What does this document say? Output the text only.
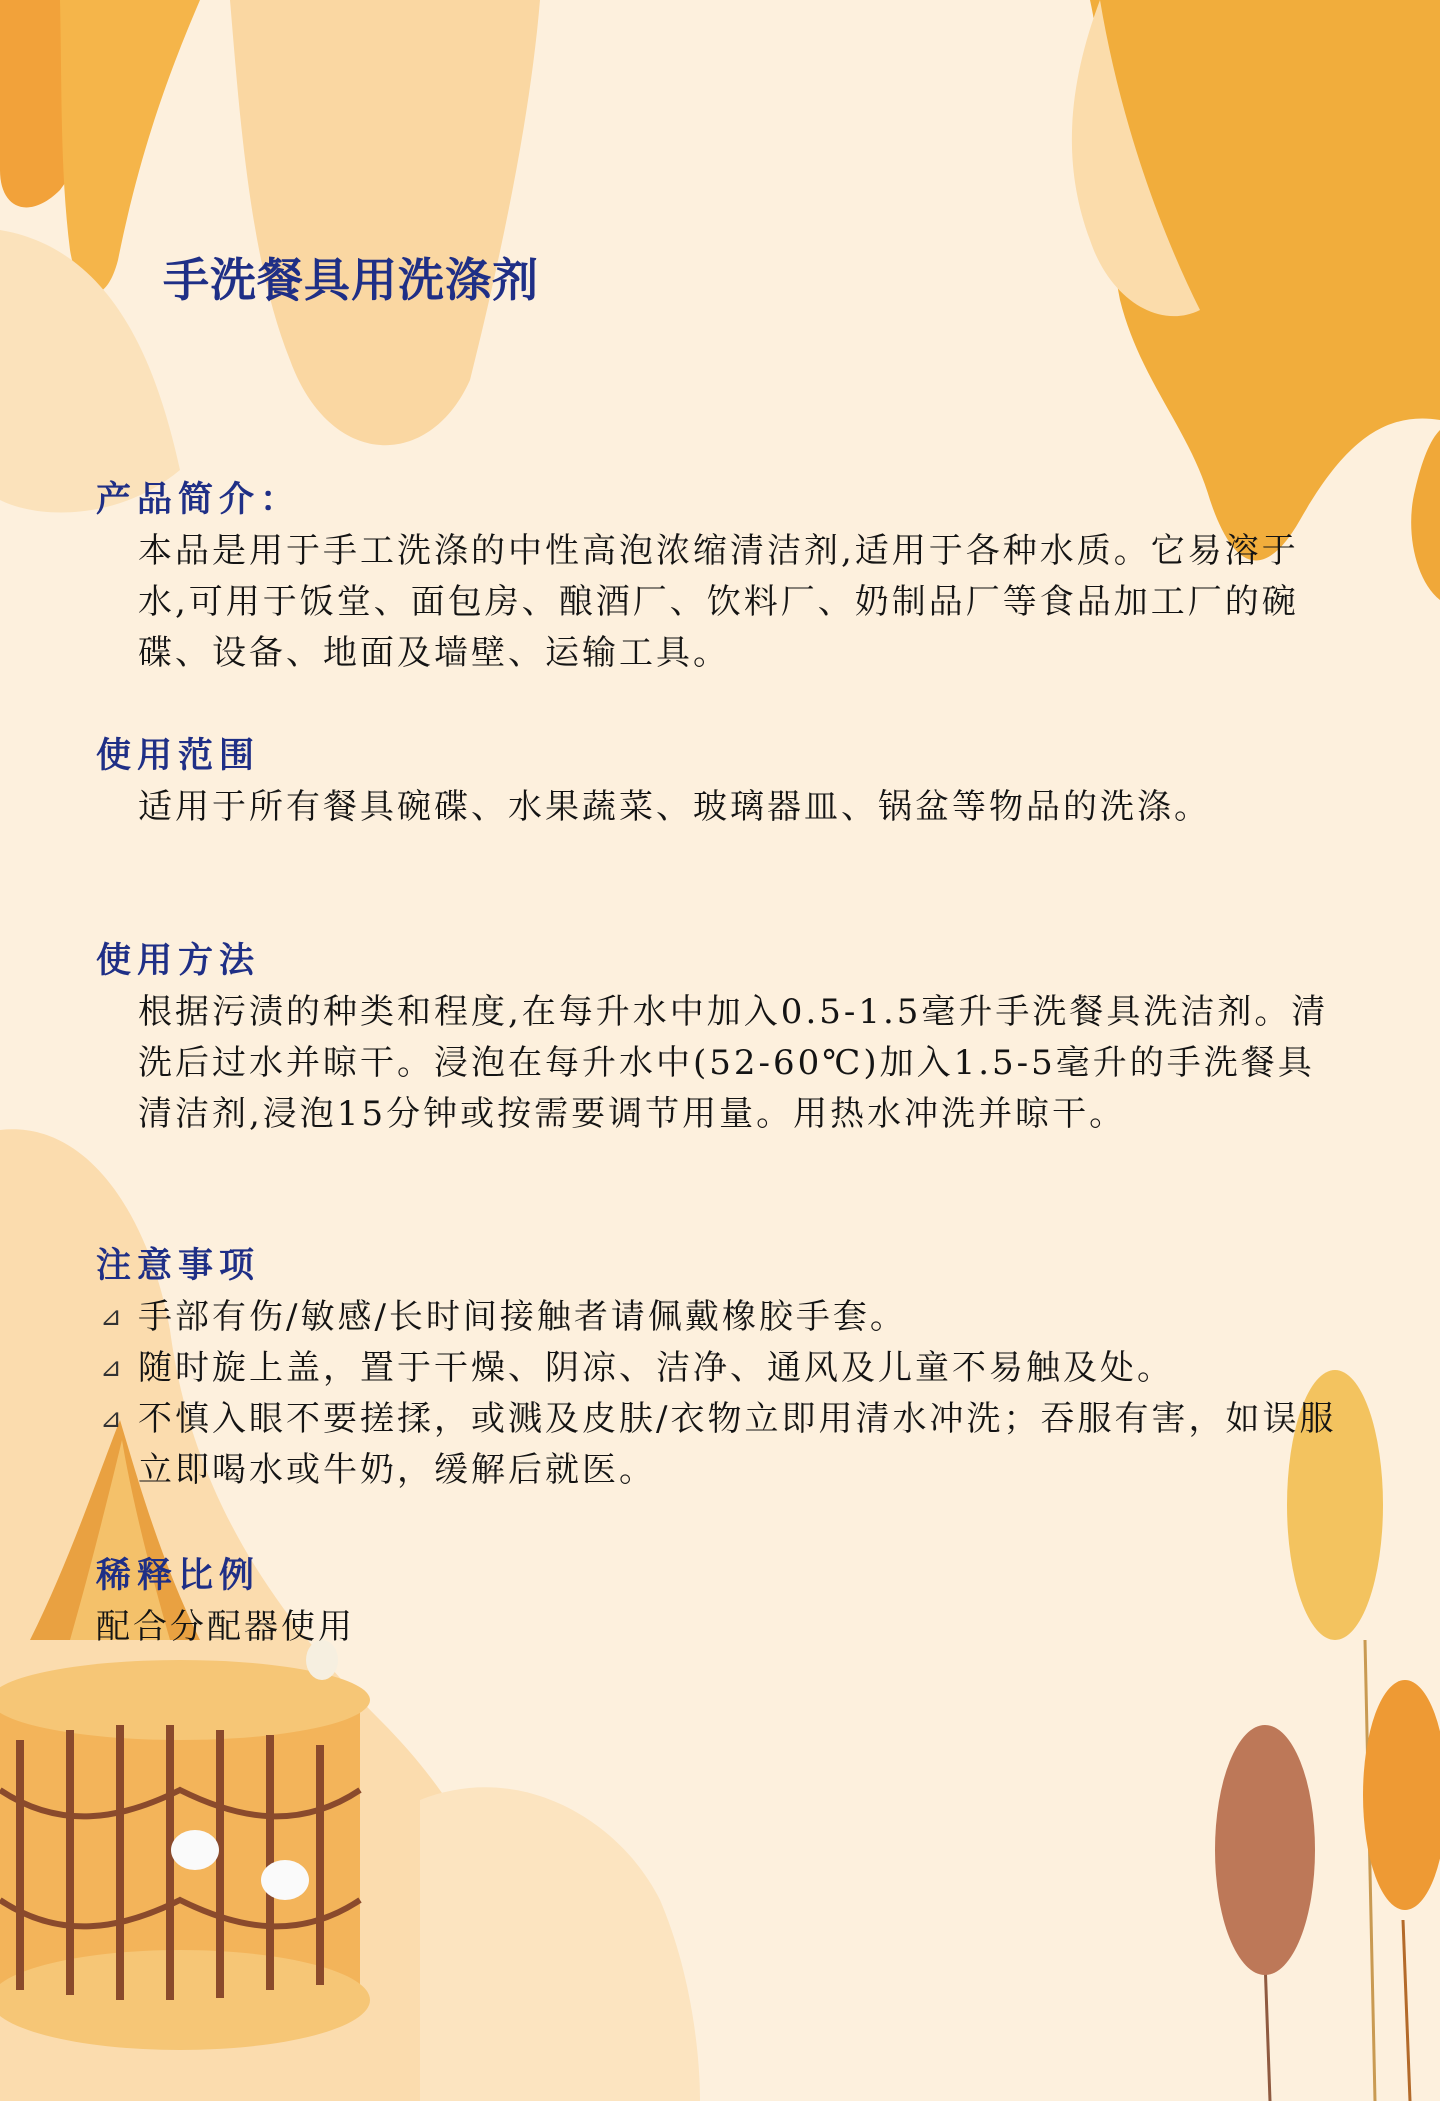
手洗餐具用洗涤剂

产品简介：

本品是用于手工洗涤的中性高泡浓缩清洁剂,适用于各种水质。它易溶于水,可用于饭堂、面包房、酿酒厂、饮料厂、奶制品厂等食品加工厂的碗碟、设备、地面及墙壁、运输工具。

使用范围

适用于所有餐具碗碟、水果蔬菜、玻璃器皿、锅盆等物品的洗涤。

使用方法

根据污渍的种类和程度,在每升水中加入0.5-1.5毫升手洗餐具洗洁剂。清洗后过水并晾干。浸泡在每升水中(52-60℃)加入1.5-5毫升的手洗餐具清洁剂,浸泡15分钟或按需要调节用量。用热水冲洗并晾干。

注意事项

⊿ 手部有伤/敏感/长时间接触者请佩戴橡胶手套。
⊿ 随时旋上盖，置于干燥、阴凉、洁净、通风及儿童不易触及处。
⊿ 不慎入眼不要搓揉，或溅及皮肤/衣物立即用清水冲洗；吞服有害，如误服立即喝水或牛奶，缓解后就医。

稀释比例

配合分配器使用
